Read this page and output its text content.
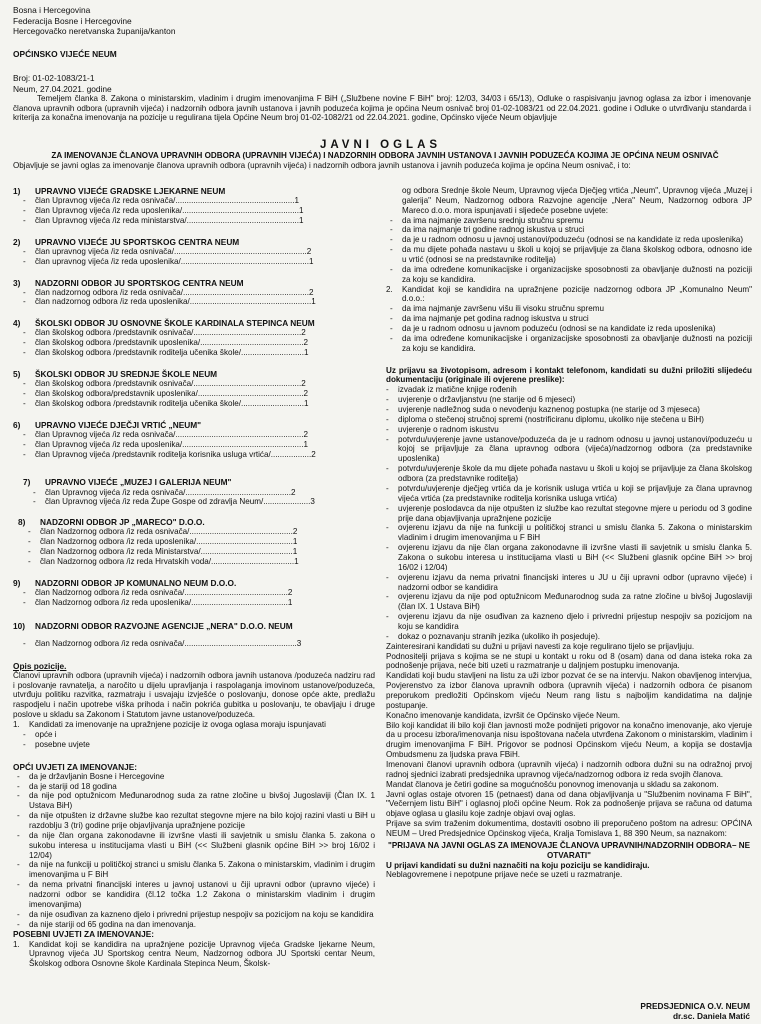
Bosna i Hercegovina

Federacija Bosne i Hercegovine

Hercegovačko neretvanska županija/kanton

OPĆINSKO VIJEĆE NEUM

Broj: 01-02-1083/21-1

Neum, 27.04.2021. godine

Temeljem članka 8. Zakona o ministarskim, vladinim i drugim imenovanjima F BiH („Službene novine F BiH" broj: 12/03, 34/03 i 65/13), Odluke o raspisivanju javnog oglasa za izbor i imenovanje članova upravnih odbora (upravnih vijeća) i nadzornih odbora javnih ustanova i javnih poduzeća kojima je općina Neum osnivač broj 01-02-1083/21 od 22.04.2021. godine i Odluke o utvrđivanju standarda i kriterija za konačna imenovanja na pozicije u regulirana tijela Općine Neum broj 01-02-1082/21 od 22.04.2021. godine, Općinsko vijeće Neum objavljuje

JAVNI OGLAS
ZA IMENOVANJE ČLANOVA UPRAVNIH ODBORA (UPRAVNIH VIJEĆA) I NADZORNIH ODBORA JAVNIH USTANOVA I JAVNIH PODUZEĆA KOJIMA JE OPĆINA NEUM OSNIVAČ
Objavljuje se javni oglas za imenovanje članova upravnih odbora (upravnih vijeća) i nadzornih odbora javnih ustanova i javnih poduzeća kojima je općina Neum osnivač, i to:
1) UPRAVNO VIJEĆE GRADSKE LJEKARNE NEUM
- član Upravnog vijeća /iz reda osnivača/.....................................................1
- član Upravnog vijeća /iz reda uposlenika/....................................................1
- član Upravnog vijeća /iz reda ministarstva/..................................................1
2) UPRAVNO VIJEĆE JU SPORTSKOG CENTRA NEUM
- član upravnog vijeća /iz reda osnivača/...........................................................2
- član upravnog vijeća /iz reda uposlenika/.........................................................1
3) NADZORNI ODBOR JU SPORTSKOG CENTRA NEUM
- član nadzornog odbora /iz reda osnivača/........................................................2
- član nadzornog odbora /iz reda uposlenika/......................................................1
4) ŠKOLSKI ODBOR JU OSNOVNE ŠKOLE KARDINALA STEPINCA NEUM
- član školskog odbora /predstavnik osnivača/................................................2
- član školskog odbora /predstavnik uposlenika/..............................................2
- član školskog odbora /predstavnik roditelja učenika škole/............................1
5) ŠKOLSKI ODBOR JU SREDNJE ŠKOLE NEUM
- član školskog odbora /predstavnik osnivača/................................................2
- član školskog odbora/predstavnik uposlenika/...............................................2
- član školskog odbora /predstavnik roditelja učenika škole/............................1
6) UPRAVNO VIJEĆE DJEČJI VRTIĆ „NEUM"
- član Upravnog vijeća /iz reda osnivača/.........................................................2
- član Upravnog vijeća /iz reda uposlenika/......................................................1
- član Upravnog vijeća /predstavnik roditelja korisnika usluga vrtića/..................2
7) UPRAVNO VIJEĆE „MUZEJ I GALERIJA NEUM"
- član Upravnog vijeća /iz reda osnivača/...............................................2
- član Upravnog vijeća /iz reda Župe Gospe od zdravlja Neum/.....................3
8) NADZORNI ODBOR JP „MARECO" D.O.O.
- član Nadzornog odbora /iz reda osnivača/..............................................2
- član Nadzornog odbora /iz reda uposlenika/...........................................1
- član Nadzornog odbora /iz reda Ministarstva/.........................................1
- član Nadzornog odbora /iz reda Hrvatskih voda/.....................................1
9) NADZORNI ODBOR JP KOMUNALNO NEUM D.O.O.
- član Nadzornog odbora /iz reda osnivača/..............................................2
- član Nadzornog odbora /iz reda uposlenika/...........................................1
10) NADZORNI ODBOR RAZVOJNE AGENCIJE „NERA" D.O.O. NEUM
- član Nadzornog odbora /iz reda osnivača/..................................................3

Opis pozicije.

Članovi upravnih odbora (upravnih vijeća) i nadzornih odbora javnih ustanova /poduzeća nadziru rad i poslovanje ravnatelja, a naročito u dijelu upravljanja i raspolaganja imovinom ustanove/poduzeća, utvrđuju politiku razvitka, razmatraju i usvajaju izvješće o poslovanju, donose opće akte, predlažu raspodjelu i način upotrebe viška prihoda i način pokrića gubitka u poslovanju, te obavljaju i druge poslove u skladu sa Zakonom i Statutom javne ustanove/poduzeća.

1. Kandidati za imenovanje na upražnjene pozicije iz ovoga oglasa moraju ispunjavati
- opće i
- posebne uvjete

OPĆI UVJETI ZA IMENOVANJE:

- da je državljanin Bosne i Hercegovine
- da je stariji od 18 godina
- da nije pod optužnicom Međunarodnog suda za ratne zločine u bivšoj Jugoslaviji (Član IX. 1 Ustava BiH)
- da nije otpušten iz državne službe kao rezultat stegovne mjere na bilo kojoj razini vlasti u BiH u razdoblju 3 (tri) godine prije objavljivanja upražnjene pozicije
- da nije član organa zakonodavne ili izvršne vlasti ili savjetnik u smislu članka 5. zakona o sukobu interesa u institucijama vlasti u BiH (<< Službeni glasnik općine BiH >> broj 16/02 i 12/04)
- da nije na funkciji u političkoj stranci u smislu članka 5. Zakona o ministarskim, vladinim i drugim imenovanjima u F BiH
- da nema privatni financijski interes u javnoj ustanovi u čiji upravni odbor (upravno vijeće) i nadzorni odbor se kandidira (čl.12 točka 1.2 Zakona o ministarskim vladinim i drugim imenovanjima)
- da nije osuđivan za kazneno djelo i privredni prijestup nespojiv sa pozicijom na koju se kandidira
- da nije stariji od 65 godina na dan imenovanja.

POSEBNI UVJETI ZA IMENOVANJE:

1. Kandidat koji se kandidira na upražnjene pozicije Upravnog vijeća Gradske ljekarne Neum, Upravnog vijeća JU Sportskog centra Neum, Nadzornog odbora JU Sportski centar Neum, Školskog odbora Osnovne škole Kardinala Stepinca Neum, Školsk-

og odbora Srednje škole Neum, Upravnog vijeća Dječjeg vrtića „Neum", Upravnog vijeća „Muzej i galerija" Neum, Nadzornog odbora Razvojne agencije „Nera" Neum, Nadzornog odbora JP Mareco d.o.o. mora ispunjavati i sljedeće posebne uvjete:

- da ima najmanje završenu srednju stručnu spremu
- da ima najmanje tri godine radnog iskustva u struci
- da je u radnom odnosu u javnoj ustanovi/poduzeću (odnosi se na kandidate iz reda uposlenika)
- da mu dijete pohađa nastavu u školi u kojoj se prijavljuje za člana školskog odbora, odnosno ide u vrtić (odnosi se na predstavnike roditelja)
- da ima određene komunikacijske i organizacijske sposobnosti za obavljanje dužnosti na poziciji za koju se kandidira.
2. Kandidat koji se kandidira na upražnjene pozicije nadzornog odbora JP „Komunalno Neum" d.o.o.:
- da ima najmanje završenu višu ili visoku stručnu spremu
- da ima najmanje pet godina radnog iskustva u struci
- da je u radnom odnosu u javnom poduzeću (odnosi se na kandidate iz reda uposlenika)
- da ima određene komunikacijske i organizacijske sposobnosti za obavljanje dužnosti na poziciji za koju se kandidira.

Uz prijavu sa životopisom, adresom i kontakt telefonom, kandidati su dužni priložiti slijedeću dokumentaciju (originale ili ovjerene preslike):

- izvadak iz matične knjige rođenih
- uvjerenje o državljanstvu (ne starije od 6 mjeseci)
- uvjerenje nadležnog suda o nevođenju kaznenog postupka (ne starije od 3 mjeseca)
- diploma o stečenoj stručnoj spremi (nostrificiranu diplomu, ukoliko nije stečena u BiH)
- uvjerenje o radnom iskustvu
- potvrdu/uvjerenje javne ustanove/poduzeća da je u radnom odnosu u javnoj ustanovi/poduzeću u kojoj se prijavljuje za člana upravnog odbora (vijeća)/nadzornog odbora (za predstavnike uposlenika)
- potvrdu/uvjerenje škole da mu dijete pohađa nastavu u školi u kojoj se prijavljuje za člana školskog odbora (za predstavnike roditelja)
- potvrdu/uvjerenje dječjeg vrtića da je korisnik usluga vrtića u koji se prijavljuje za člana upravnog vijeća vrtića (za predstavnike roditelja korisnika usluga vrtića)
- uvjerenje poslodavca da nije otpušten iz službe kao rezultat stegovne mjere u periodu od 3 godine prije dana objavljivanja upražnjene pozicije
- ovjerenu izjavu da nije na funkciji u političkoj stranci u smislu članka 5. Zakona o ministarskim vladinim i drugim imenovanjima u F BiH
- ovjerenu izjavu da nije član organa zakonodavne ili izvršne vlasti ili savjetnik u smislu članka 5. Zakona o sukobu interesa u institucijama vlasti u BiH (<< Službeni glasnik općine BiH >> broj 16/02 i 12/04)
- ovjerenu izjavu da nema privatni financijski interes u JU u čiji upravni odbor (upravno vijeće) i nadzorni odbor se kandidira
- ovjerenu izjavu da nije pod optužnicom Međunarodnog suda za ratne zločine u bivšoj Jugoslaviji (član IX. 1 Ustava BiH)
- ovjerenu izjavu da nije osuđivan za kazneno djelo i privredni prijestup nespojiv sa pozicijom na koju se kandidira
- dokaz o poznavanju stranih jezika (ukoliko ih posjeduje).

Zainteresirani kandidati su dužni u prijavi navesti za koje regulirano tijelo se prijavljuju.

Podnositelji prijava s kojima se ne stupi u kontakt u roku od 8 (osam) dana od dana isteka roka za podnošenje prijava, neće biti uzeti u razmatranje u daljnjem postupku imenovanja.

Kandidati koji budu stavljeni na listu za uži izbor pozvat će se na intervju. Nakon obavljenog intervjua, Povjerenstvo za izbor članova upravnih odbora (upravnih vijeća) i nadzornih odbora će pisanom preporukom predložiti Općinskom vijeću Neum rang listu s najboljim kandidatima na daljnje postupanje.

Konačno imenovanje kandidata, izvršit će Općinsko vijeće Neum.

Bilo koji kandidat ili bilo koji član javnosti može podnijeti prigovor na konačno imenovanje, ako vjeruje da u procesu izbora/imenovanja nisu ispoštovana načela utvrđena Zakonom o ministarskim, vladinim i drugim imenovanjima F BiH. Prigovor se podnosi Općinskom vijeću Neum, a kopija se dostavlja Ombudsmenu za ljudska prava FBiH.

Imenovani članovi upravnih odbora (upravnih vijeća) i nadzornih odbora dužni su na odražnoj prvoj radnoj sjednici izabrati predsjednika upravnog vijeća/nadzornog odbora iz reda svojih članova.

Mandat članova je četiri godine sa mogućnošću ponovnog imenovanja u skladu sa zakonom.

Javni oglas ostaje otvoren 15 (petnaest) dana od dana objavljivanja u "Službenim novinama F BiH", "Večernjem listu BiH" i oglasnoj ploči općine Neum. Rok za podnošenje prijava se računa od datuma objave oglasa u glasilu koje zadnje objavi ovaj oglas.

Prijave sa svim traženim dokumentima, dostaviti osobno ili preporučeno poštom na adresu: OPĆINA NEUM – Ured Predsjednice Općinskog vijeća, Kralja Tomislava 1, 88 390 Neum, sa naznakom:

"PRIJAVA NA JAVNI OGLAS ZA IMENOVAJE ČLANOVA UPRAVNIH/NADZORNIH ODBORA– NE OTVARATI"

U prijavi kandidati su dužni naznačiti na koju poziciju se kandidiraju.

Neblagovremene i nepotpune prijave neće se uzeti u razmatranje.

PREDSJEDNICA O.V. NEUM
dr.sc. Daniela Matić
